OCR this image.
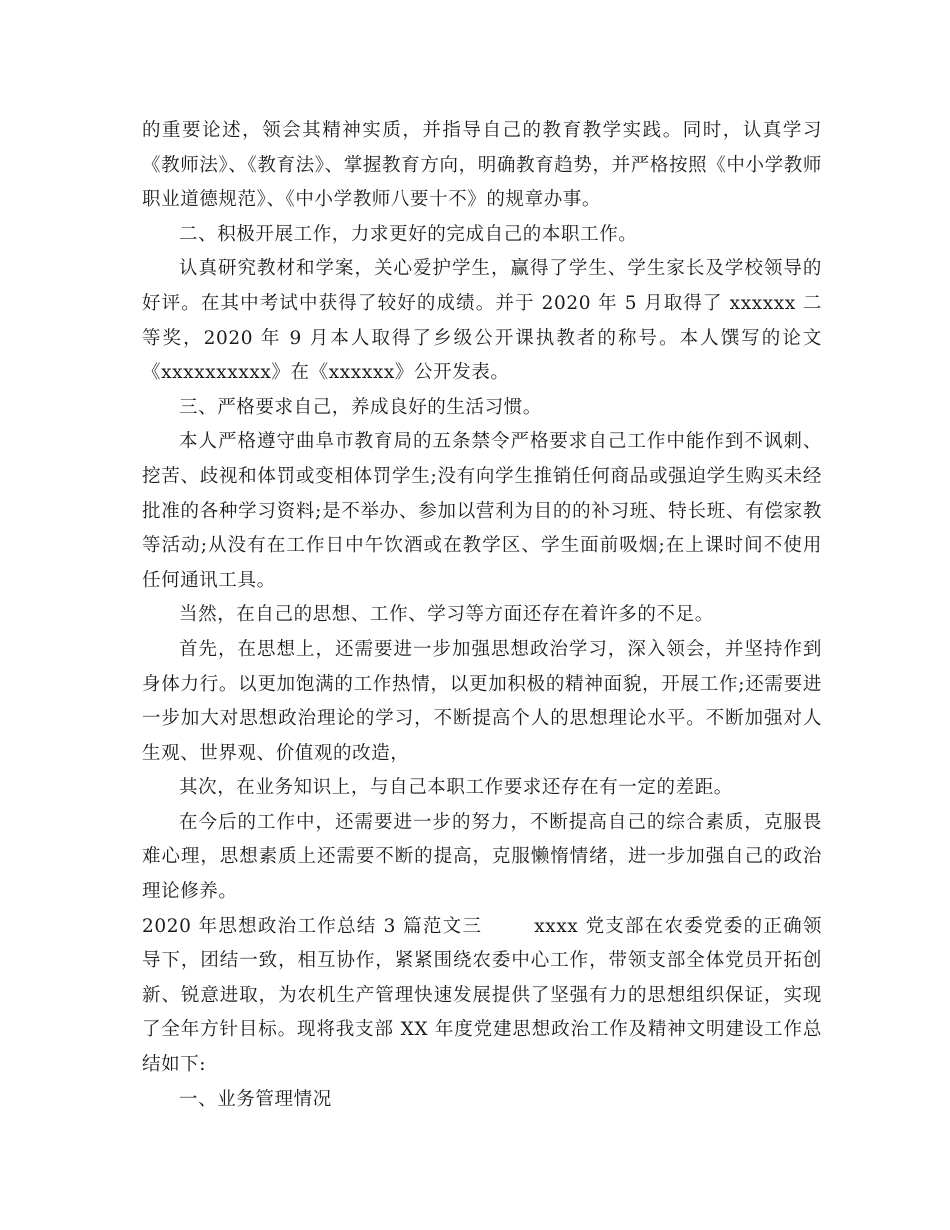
的重要论述，领会其精神实质，并指导自己的教育教学实践。同时，认真学习《教师法》、《教育法》、掌握教育方向，明确教育趋势，并严格按照《中小学教师职业道德规范》、《中小学教师八要十不》的规章办事。

二、积极开展工作，力求更好的完成自己的本职工作。

认真研究教材和学案，关心爱护学生，赢得了学生、学生家长及学校领导的好评。在其中考试中获得了较好的成绩。并于 2020 年 5 月取得了 xxxxxx 二等奖，2020 年 9 月本人取得了乡级公开课执教者的称号。本人馔写的论文《xxxxxxxxxx》在《xxxxxx》公开发表。

三、严格要求自己，养成良好的生活习惯。

本人严格遵守曲阜市教育局的五条禁令严格要求自己工作中能作到不讽刺、挖苦、歧视和体罚或变相体罚学生;没有向学生推销任何商品或强迫学生购买未经批准的各种学习资料;是不举办、参加以营利为目的的补习班、特长班、有偿家教等活动;从没有在工作日中午饮酒或在教学区、学生面前吸烟;在上课时间不使用任何通讯工具。

当然，在自己的思想、工作、学习等方面还存在着许多的不足。

首先，在思想上，还需要进一步加强思想政治学习，深入领会，并坚持作到身体力行。以更加饱满的工作热情，以更加积极的精神面貌，开展工作;还需要进一步加大对思想政治理论的学习，不断提高个人的思想理论水平。不断加强对人生观、世界观、价值观的改造，

其次，在业务知识上，与自己本职工作要求还存在有一定的差距。

在今后的工作中，还需要进一步的努力，不断提高自己的综合素质，克服畏难心理，思想素质上还需要不断的提高，克服懒惰情绪，进一步加强自己的政治理论修养。

2020 年思想政治工作总结 3 篇范文三	xxxx 党支部在农委党委的正确领导下，团结一致，相互协作，紧紧围绕农委中心工作，带领支部全体党员开拓创新、锐意进取，为农机生产管理快速发展提供了坚强有力的思想组织保证，实现了全年方针目标。现将我支部 XX 年度党建思想政治工作及精神文明建设工作总结如下:

一、业务管理情况
